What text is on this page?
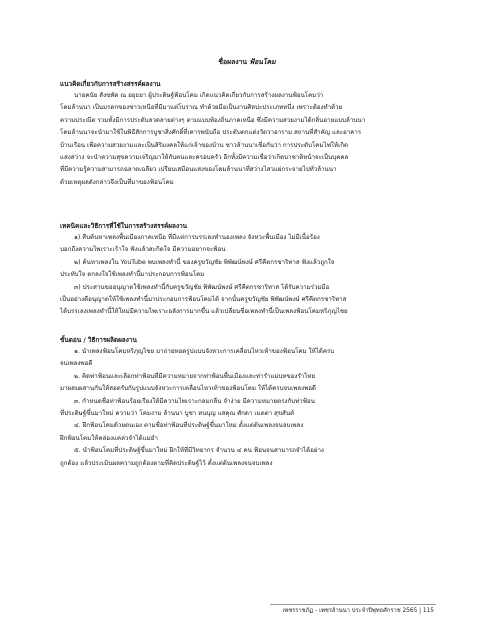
ชื่อผลงาน ฟ้อนโคม

แนวคิดเกี่ยวกับการสร้างสรรค์ผลงาน

นายคนัย สังขพัด ณ อยุธยา ผู้ประดิษฐ์ฟ้อนโคม เกิดแนวคิดเกี่ยวกับการสร้างผลงานฟ้อนโคมว่า

โคมล้านนา เป็นมรดกของชาวเหนือที่มีมาแต่โบราณ ทำด้วยมือเป็นงานศิลปะประเภทหนึ่ง เพราะต้องทำด้วย

ความประณีต รวมทั้งมีการประดับลวดลายต่างๆ ตามแบบท้องถิ่นภาคเหนือ ซึ่งมีความสวยงามได้กลิ่นอายแบบล้านนา

โคมล้านนาจะนำมาใช้ในพิธีสักการบูชาสิ่งศักดิ์ที่เคารพนับถือ ประดับตกแต่งวัดวาอาราม สถานที่สำคัญ และอาคาร

บ้านเรือน เพื่อความสวยงามและเป็นสิริมงคลให้แก่เจ้าของบ้าน ชาวล้านนาเชื่อกันว่า การประดับโคมไฟให้เกิด

แสงสว่าง จะนำความสุขความเจริญมาให้กับตนและครอบครัว อีกทั้งมีความเชื่อว่าเกิดบาชาติหน้าจะเป็นบุคคล

ที่มีความรู้ความสามารถฉลาดเฉลียว เปรียบเสมือนแสงของโคมล้านนาที่สว่างไสวแผ่กระจายไปทั่วล้านนา

ด้วยเหตุผลดังกล่าวจึงเป็นที่มาของฟ้อนโคม

เทคนิคและวิธีการที่ใช้ในการสร้างสรรค์ผลงาน

๑) สืบค้นหาเพลงพื้นเมืองภาคเหนือ ที่มีแต่การบรรเลงทำนองเพลง จังหวะพื้นเมือง ไม่มีเนื้อร้อง

บอกถึงความไพเราะเร้าใจ ฟังแล้วสะกิดใจ มีความอยากจะฟ้อน

๒) ค้นหาเพลงใน YouTube พบเพลงทำนี้ ของครูขวัญชัย พิพัฒน์พงษ์ ศรีคีตกรชาริทาส ฟังแล้วถูกใจ

ประทับใจ ตกลงใจใช้เพลงทำนี้มาประกอบการฟ้อนโคม

๓) ประสานขออนุญาตใช้เพลงทำนี้กับครูขวัญชัย พิพัฒน์พงษ์ ศรีคีตกรชาริทาส ได้รับความร่วมมือ

เป็นอย่างดีอนุญาตให้ใช้เพลงทำนี้มาประกอบการฟ้อนโคมได้ จากนั้นครูขวัญชัย พิพัฒน์พงษ์ ศรีคีตกรชาริทาส

ได้บรรเลงเพลงทำนี้ให้ใหม่มีความไพเราะอลังการมากขึ้น แล้วเปลี่ยนชื่อเพลงทำนี้เป็นเพลงฟ้อนโคมหริภุญไชย

ขั้นตอน / วิธีการผลิตผลงาน

๑. นำเพลงฟ้อนโคมหริภุญไชย มาถ่ายทอดรูปแบบจังหวะการเคลื่อนไหวเท้าของฟ้อนโคม ให้ได้ครบ

จบเพลงพอดี

๒. คิดท่าฟ้อนและเลือกท่าฟ้อนที่มีความหมายจากท่าฟ้อนพื้นเมืองและท่ารำแม่บทของรำไทย

มาผสมผสานกันให้สอดรับกับรูปแบบจังหวะการเคลื่อนไหวเท้าของฟ้อนโคม ให้ได้ครบจบเพลงพอดี

๓. กำหนดชื่อท่าฟ้อนร้อยเรียงให้มีความไพเราะกลมกลืน จำง่าย มีความหมายตรงกับท่าฟ้อน

ที่ประดิษฐ์ขึ้นมาใหม่ ความว่า โคมงาม ล้านนา บูชา ตนบุญ แสคุณ ศักดา เมตตา สุขสันต์

๔. ฝึกฟ้อนโคมด้วยตนเอง ตามชื่อท่าฟ้อนที่ประดิษฐ์ขึ้นมาใหม่ ตั้งแต่ต้นเพลงจนจบเพลง

ฝึกฟ้อนโคมให้คล่องแคล่วจำได้แม่ยำ

๕. นำฟ้อนโคมที่ประดิษฐ์ขึ้นมาใหม่ ฝึกให้ที่มีวิทยากร จำนวน ๔ คน ฟ้อนจนสามารถจำได้อย่าง

ถูกต้อง แล้วประเมินผลความถูกต้องตามที่คิดประดิษฐ์ไว้ ตั้งแต่ต้นเพลงจนจบเพลง

เพชรราชภัฏ - เพชรล้านนา ประจำปีพุทธศักราช 2565 | 115
